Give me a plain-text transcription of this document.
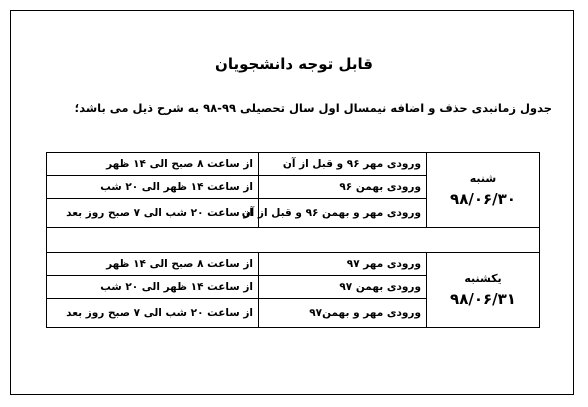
قابل توجه دانشجویان
جدول زمانبدی حذف و اضافه نیمسال اول سال تحصیلی ۹۹-۹۸ به شرح ذیل می باشد؛
شنبه
۹۸/۰۶/۳۰	ورودی مهر ۹۶ و قبل از آن	از ساعت ۸ صبح الی ۱۴ ظهر
	ورودی بهمن ۹۶	از ساعت ۱۴ ظهر الی ۲۰ شب
	ورودی مهر و بهمن ۹۶ و قبل از آن	از ساعت ۲۰ شب الی ۷ صبح روز بعد

یکشنبه
۹۸/۰۶/۳۱	ورودی مهر ۹۷	از ساعت ۸ صبح الی ۱۴ ظهر
	ورودی بهمن ۹۷	از ساعت ۱۴ ظهر الی ۲۰ شب
	ورودی مهر و بهمن۹۷	از ساعت ۲۰ شب الی ۷ صبح روز بعد
